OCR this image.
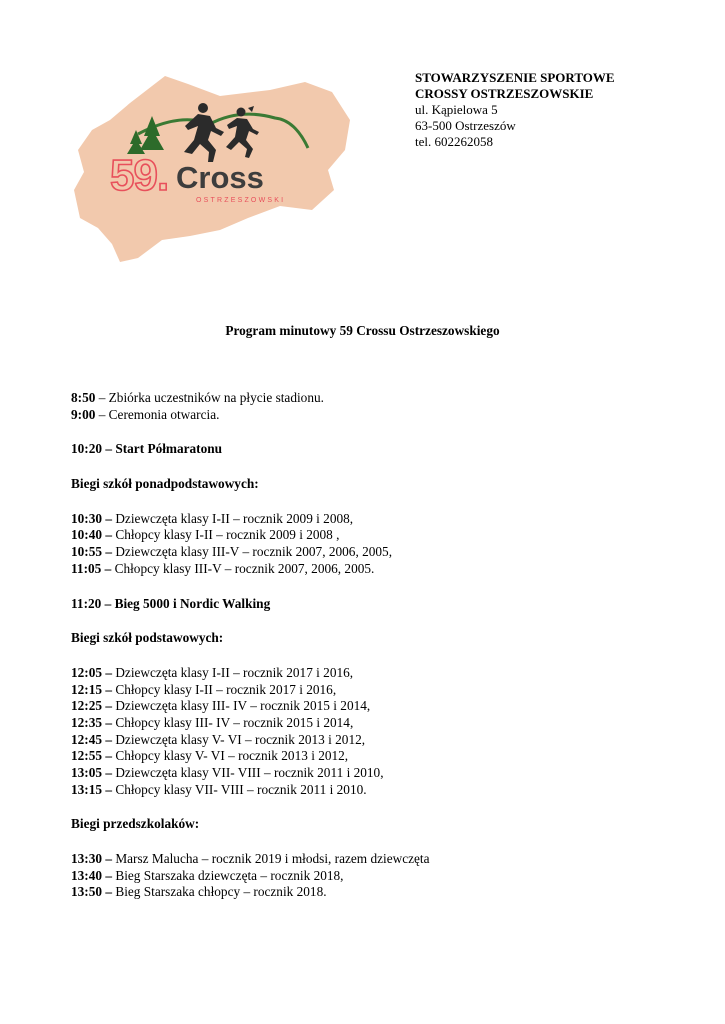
59. Cross
OSTRZESZOWSKI
STOWARZYSZENIE SPORTOWE
CROSSY OSTRZESZOWSKIE
ul. Kąpielowa 5
63-500 Ostrzeszów
tel. 602262058
Program minutowy 59 Crossu Ostrzeszowskiego
8:50 – Zbiórka uczestników na płycie stadionu.
9:00 – Ceremonia otwarcia.
10:20 – Start Półmaratonu
Biegi szkół ponadpodstawowych:
10:30 – Dziewczęta klasy I-II – rocznik 2009 i 2008,
10:40 – Chłopcy klasy I-II – rocznik 2009 i 2008 ,
10:55 – Dziewczęta klasy III-V – rocznik 2007, 2006, 2005,
11:05 – Chłopcy klasy III-V – rocznik 2007, 2006, 2005.
11:20 – Bieg 5000 i Nordic Walking
Biegi szkół podstawowych:
12:05 – Dziewczęta klasy I-II – rocznik 2017 i 2016,
12:15 – Chłopcy klasy I-II – rocznik 2017 i 2016,
12:25 – Dziewczęta klasy III- IV – rocznik 2015 i 2014,
12:35 – Chłopcy klasy III- IV – rocznik 2015 i 2014,
12:45 – Dziewczęta klasy V- VI – rocznik 2013 i 2012,
12:55 – Chłopcy klasy V- VI – rocznik 2013 i 2012,
13:05 – Dziewczęta klasy VII- VIII – rocznik 2011 i 2010,
13:15 – Chłopcy klasy VII- VIII – rocznik 2011 i 2010.
Biegi przedszkolaków:
13:30 – Marsz Malucha – rocznik 2019 i młodsi, razem dziewczęta
13:40 – Bieg Starszaka dziewczęta – rocznik 2018,
13:50 – Bieg Starszaka chłopcy – rocznik 2018.
